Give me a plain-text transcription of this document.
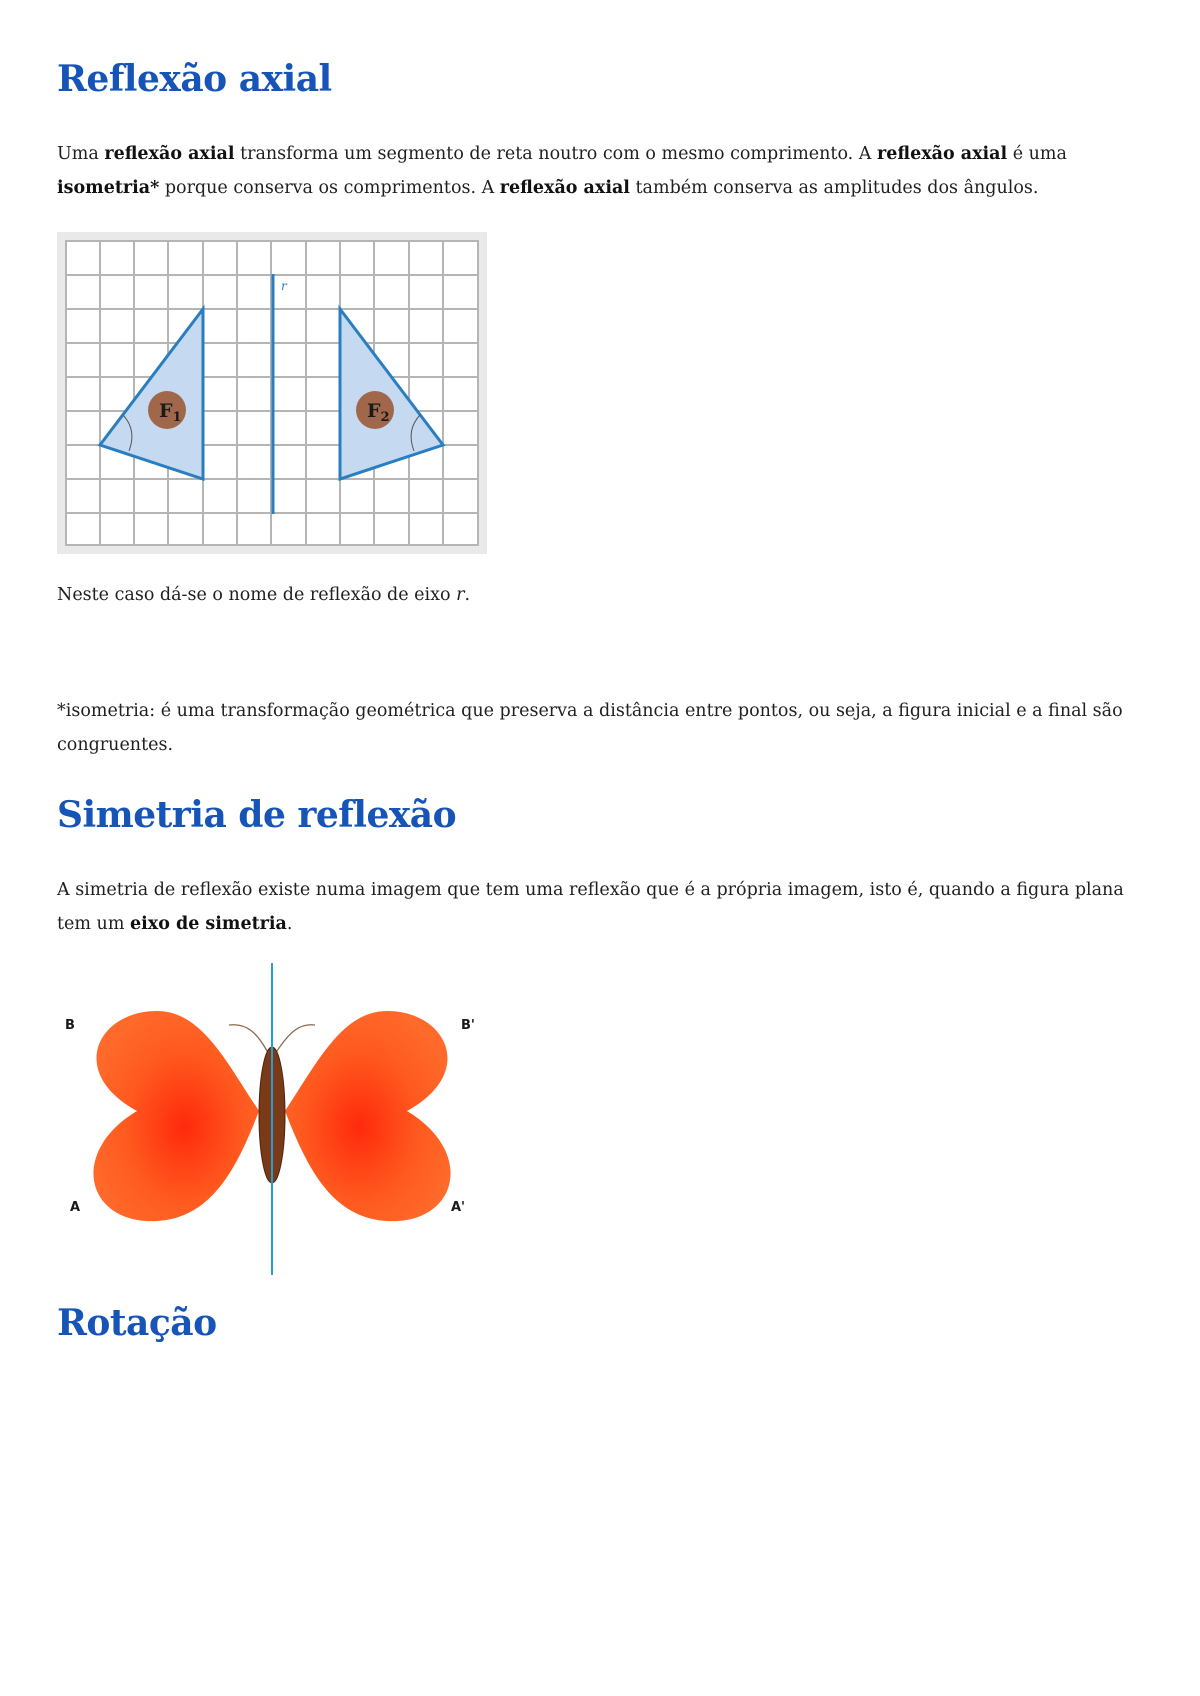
Reflexão axial

Uma reflexão axial transforma um segmento de reta noutro com o mesmo comprimento. A reflexão axial é uma isometria* porque conserva os comprimentos. A reflexão axial também conserva as amplitudes dos ângulos.

r
$F_1$	$F_2$

Neste caso dá-se o nome de reflexão de eixo r.

*isometria: é uma transformação geométrica que preserva a distância entre pontos, ou seja, a figura inicial e a final são congruentes.

Simetria de reflexão

A simetria de reflexão existe numa imagem que tem uma reflexão que é a própria imagem, isto é, quando a figura plana tem um eixo de simetria.

B	B'
A	A'
Rotação
